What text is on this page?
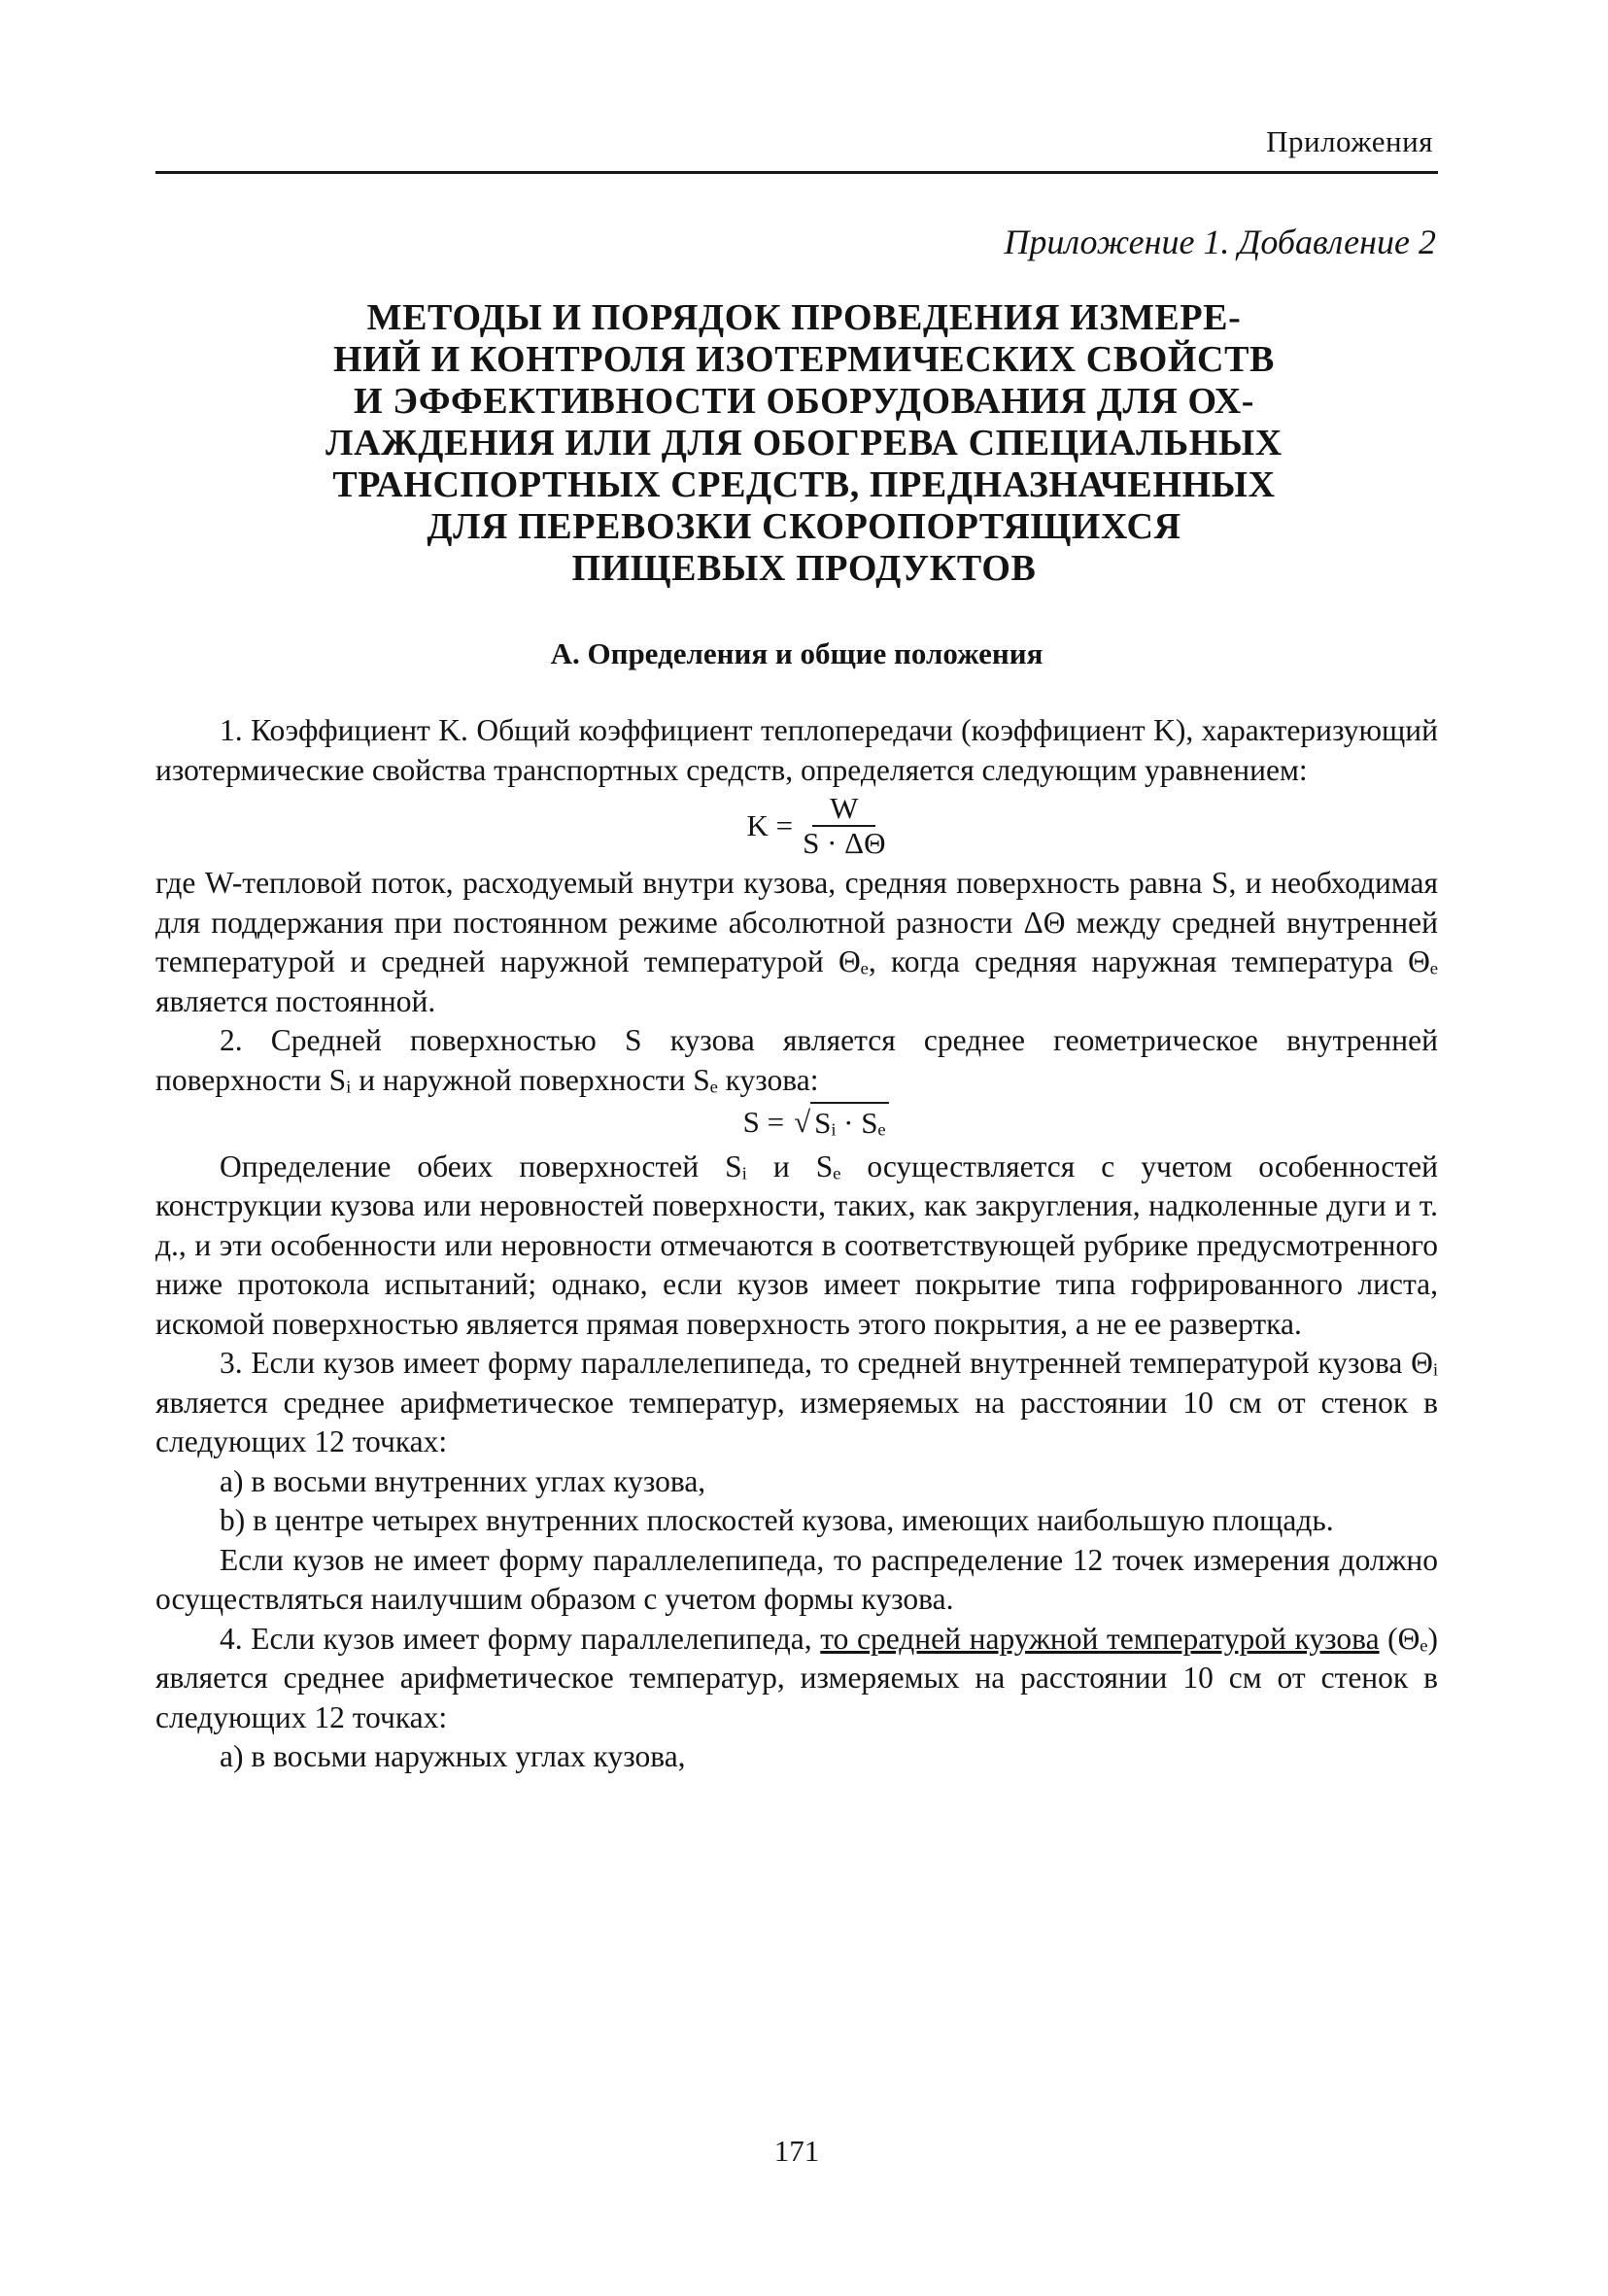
Приложения
Приложение 1. Добавление 2
МЕТОДЫ И ПОРЯДОК ПРОВЕДЕНИЯ ИЗМЕРЕ-
НИЙ И КОНТРОЛЯ ИЗОТЕРМИЧЕСКИХ СВОЙСТВ
И ЭФФЕКТИВНОСТИ ОБОРУДОВАНИЯ ДЛЯ ОХ-
ЛАЖДЕНИЯ ИЛИ ДЛЯ ОБОГРЕВА СПЕЦИАЛЬНЫХ
ТРАНСПОРТНЫХ СРЕДСТВ, ПРЕДНАЗНАЧЕННЫХ
ДЛЯ ПЕРЕВОЗКИ СКОРОПОРТЯЩИХСЯ
ПИЩЕВЫХ ПРОДУКТОВ
А. Определения и общие положения

1. Коэффициент K. Общий коэффициент теплопередачи (коэффициент K), характеризующий изотермические свойства транспортных средств, определяется следующим уравнением:

$K = \frac{W}{S \cdot \Delta\Theta}$

где W-тепловой поток, расходуемый внутри кузова, средняя поверхность равна S, и необходимая для поддержания при постоянном режиме абсолютной разности ΔΘ между средней внутренней температурой и средней наружной температурой Θₑ, когда средняя наружная температура Θₑ является постоянной.

2. Средней поверхностью S кузова является среднее геометрическое внутренней поверхности Sᵢ и наружной поверхности Sₑ кузова:

S = √ Sᵢ · Sₑ

Определение обеих поверхностей Sᵢ и Sₑ осуществляется с учетом особенностей конструкции кузова или неровностей поверхности, таких, как закругления, надколенные дуги и т. д., и эти особенности или неровности отмечаются в соответствующей рубрике предусмотренного ниже протокола испытаний; однако, если кузов имеет покрытие типа гофрированного листа, искомой поверхностью является прямая поверхность этого покрытия, а не ее развертка.

3. Если кузов имеет форму параллелепипеда, то средней внутренней температурой кузова Θᵢ является среднее арифметическое температур, измеряемых на расстоянии 10 см от стенок в следующих 12 точках:

a) в восьми внутренних углах кузова,

b) в центре четырех внутренних плоскостей кузова, имеющих наибольшую площадь.

Если кузов не имеет форму параллелепипеда, то распределение 12 точек измерения должно осуществляться наилучшим образом с учетом формы кузова.

4. Если кузов имеет форму параллелепипеда, то средней наружной температурой кузова (Θₑ) является среднее арифметическое температур, измеряемых на расстоянии 10 см от стенок в следующих 12 точках:

a) в восьми наружных углах кузова,

171
